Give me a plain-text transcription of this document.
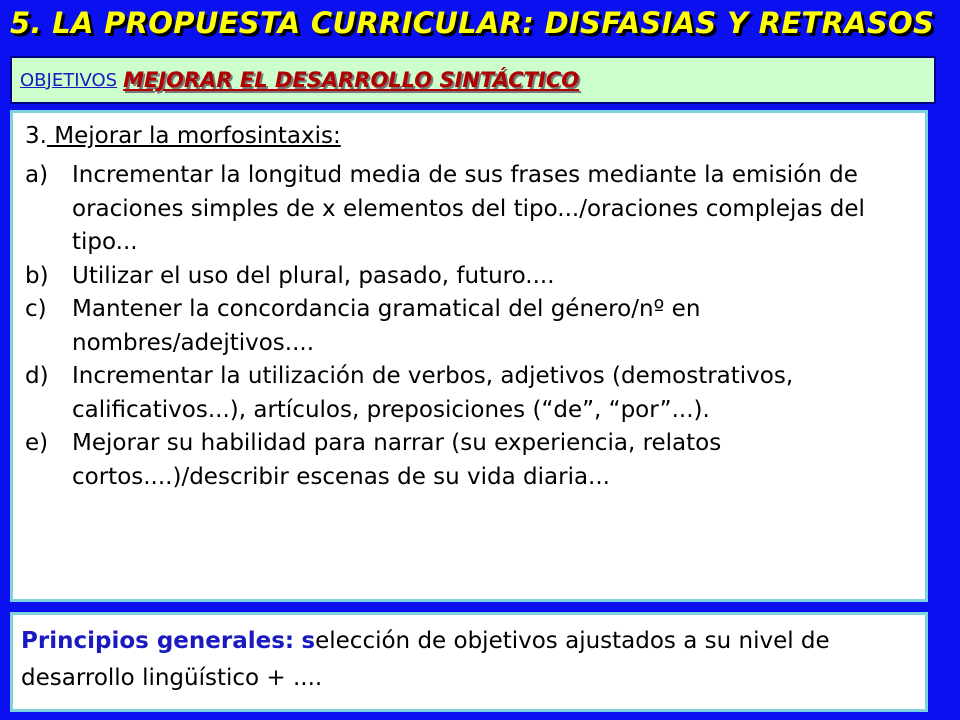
5. LA PROPUESTA CURRICULAR: DISFASIAS Y RETRASOS
OBJETIVOS MEJORAR EL DESARROLLO SINTÁCTICO

3. Mejorar la morfosintaxis:

a) Incrementar la longitud media de sus frases mediante la emisión de oraciones simples de x elementos del tipo.../oraciones complejas del tipo...
b) Utilizar el uso del plural, pasado, futuro....
c) Mantener la concordancia gramatical del género/nº en nombres/adejtivos....
d) Incrementar la utilización de verbos, adjetivos (demostrativos, calificativos...), artículos, preposiciones (“de”, “por”...).
e) Mejorar su habilidad para narrar (su experiencia, relatos cortos....)/describir escenas de su vida diaria...
Principios generales: selección de objetivos ajustados a su nivel de desarrollo lingüístico + ....
